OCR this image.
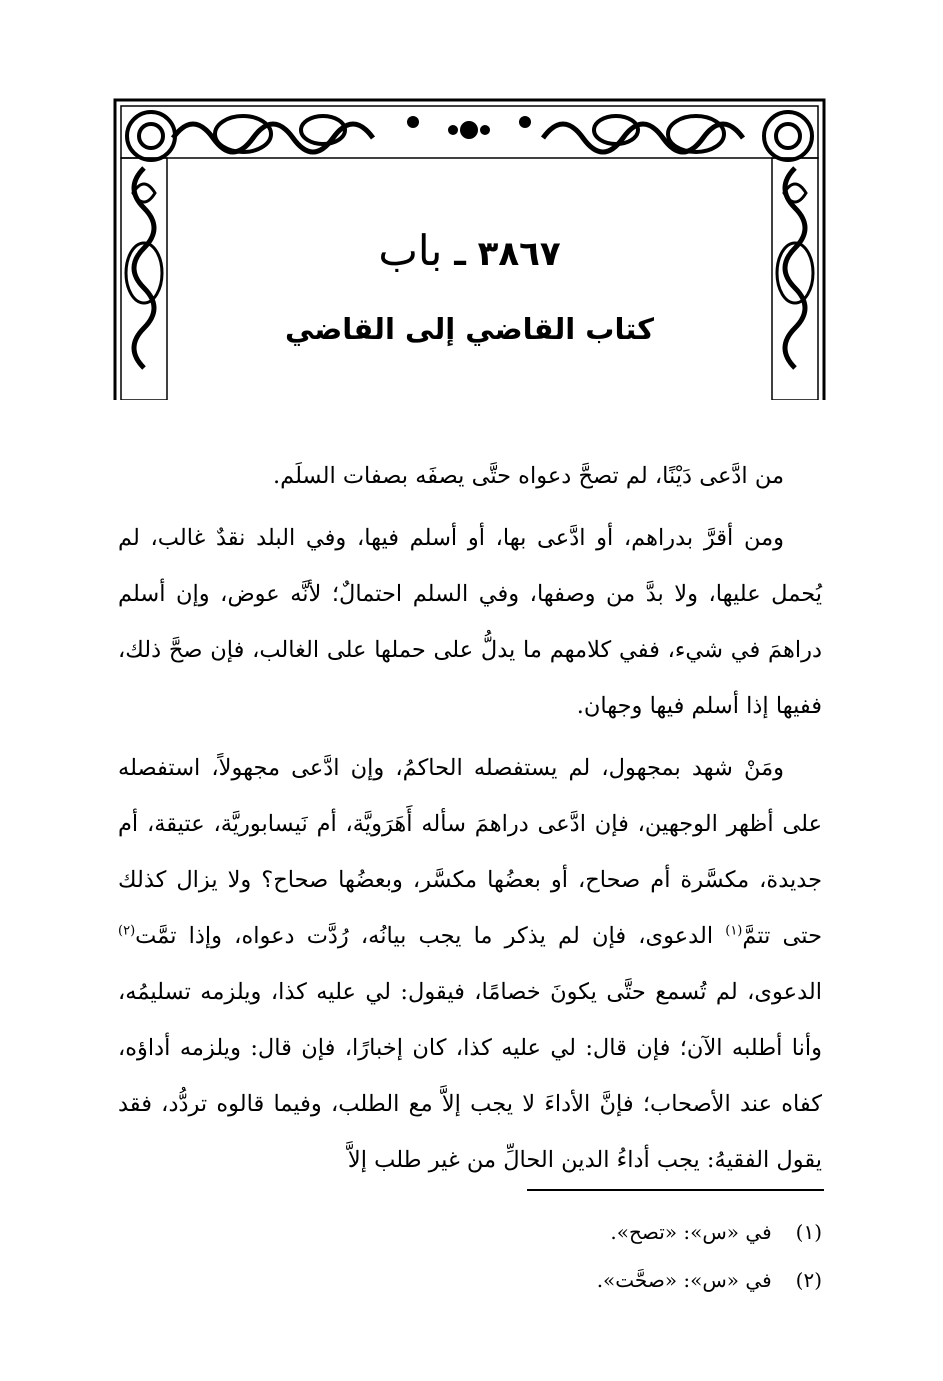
٣٨٦٧ ـ باب
كتاب القاضي إلى القاضي

من ادَّعى دَيْنًا، لم تصحَّ دعواه حتَّى يصفَه بصفات السلَم.

ومن أقرَّ بدراهم، أو ادَّعى بها، أو أسلم فيها، وفي البلد نقدٌ غالب، لم يُحمل عليها، ولا بدَّ من وصفها، وفي السلم احتمالٌ؛ لأنَّه عوض، وإن أسلم دراهمَ في شيء، ففي كلامهم ما يدلُّ على حملها على الغالب، فإن صحَّ ذلك، ففيها إذا أسلم فيها وجهان.

ومَنْ شهد بمجهول، لم يستفصله الحاكمُ، وإن ادَّعى مجهولاً، استفصله على أظهر الوجهين، فإن ادَّعى دراهمَ سأله أَهَرَويَّة، أم نَيسابوريَّة، عتيقة، أم جديدة، مكسَّرة أم صحاح، أو بعضُها مكسَّر، وبعضُها صحاح؟ ولا يزال كذلك حتى تتمَّ$^{(١)}$ الدعوى، فإن لم يذكر ما يجب بيانُه، رُدَّت دعواه، وإذا تمَّت$^{(٢)}$ الدعوى، لم تُسمع حتَّى يكونَ خصامًا، فيقول: لي عليه كذا، ويلزمه تسليمُه، وأنا أطلبه الآن؛ فإن قال: لي عليه كذا، كان إخبارًا، فإن قال: ويلزمه أداؤه، كفاه عند الأصحاب؛ فإنَّ الأداءَ لا يجب إلاَّ مع الطلب، وفيما قالوه تردُّد، فقد يقول الفقيهُ: يجب أداءُ الدين الحالِّ من غير طلب إلاَّ

(١) في «س»: «تصح».
(٢) في «س»: «صحَّت».
